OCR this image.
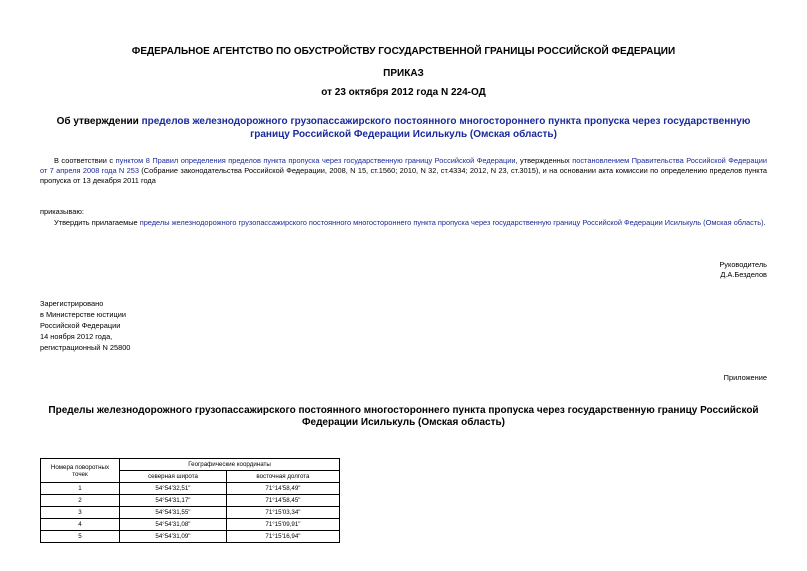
ФЕДЕРАЛЬНОЕ АГЕНТСТВО ПО ОБУСТРОЙСТВУ ГОСУДАРСТВЕННОЙ ГРАНИЦЫ РОССИЙСКОЙ ФЕДЕРАЦИИ
ПРИКАЗ
от 23 октября 2012 года N 224-ОД
Об утверждении пределов железнодорожного грузопассажирского постоянного многостороннего пункта пропуска через государственную границу Российской Федерации Исилькуль (Омская область)
В соответствии с пунктом 8 Правил определения пределов пункта пропуска через государственную границу Российской Федерации, утвержденных постановлением Правительства Российской Федерации от 7 апреля 2008 года N 253 (Собрание законодательства Российской Федерации, 2008, N 15, ст.1560; 2010, N 32, ст.4334; 2012, N 23, ст.3015), и на основании акта комиссии по определению пределов пункта пропуска от 13 декабря 2011 года
приказываю:
Утвердить прилагаемые пределы железнодорожного грузопассажирского постоянного многостороннего пункта пропуска через государственную границу Российской Федерации Исилькуль (Омская область).
Руководитель
Д.А.Безделов
Зарегистрировано
в Министерстве юстиции
Российской Федерации
14 ноября 2012 года,
регистрационный N 25800
Приложение
Пределы железнодорожного грузопассажирского постоянного многостороннего пункта пропуска через государственную границу Российской Федерации Исилькуль (Омская область)
Номера поворотных точек	Географические координаты	
	северная широта	восточная долгота
1	54°54'32,51"	71°14'58,49"
2	54°54'31,17"	71°14'58,45"
3	54°54'31,55"	71°15'03,34"
4	54°54'31,08"	71°15'09,91"
5	54°54'31,09"	71°15'16,94"
